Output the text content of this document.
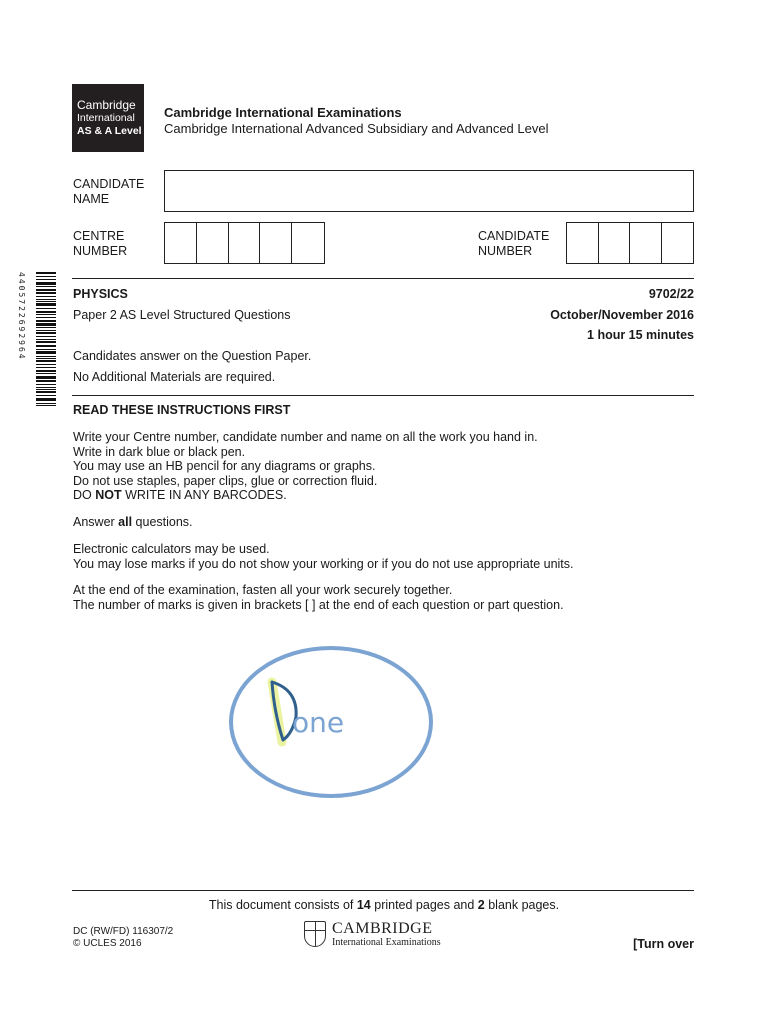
Cambridge
International
AS & A Level
Cambridge International Examinations
Cambridge International Advanced Subsidiary and Advanced Level
CANDIDATE
NAME
CENTRE
NUMBER
CANDIDATE
NUMBER
4405722692964	PHYSICS	9702/22
Paper 2 AS Level Structured Questions	October/November 2016
1 hour 15 minutes
Candidates answer on the Question Paper.
No Additional Materials are required.
READ THESE INSTRUCTIONS FIRST
Write your Centre number, candidate number and name on all the work you hand in.
Write in dark blue or black pen.
You may use an HB pencil for any diagrams or graphs.
Do not use staples, paper clips, glue or correction fluid.
DO NOT WRITE IN ANY BARCODES.
Answer all questions.
Electronic calculators may be used.
You may lose marks if you do not show your working or if you do not use appropriate units.
At the end of the examination, fasten all your work securely together.
The number of marks is given in brackets [ ] at the end of each question or part question.
one
This document consists of 14 printed pages and 2 blank pages.
DC (RW/FD) 116307/2
© UCLES 2016
CAMBRIDGE
International Examinations	[Turn over
